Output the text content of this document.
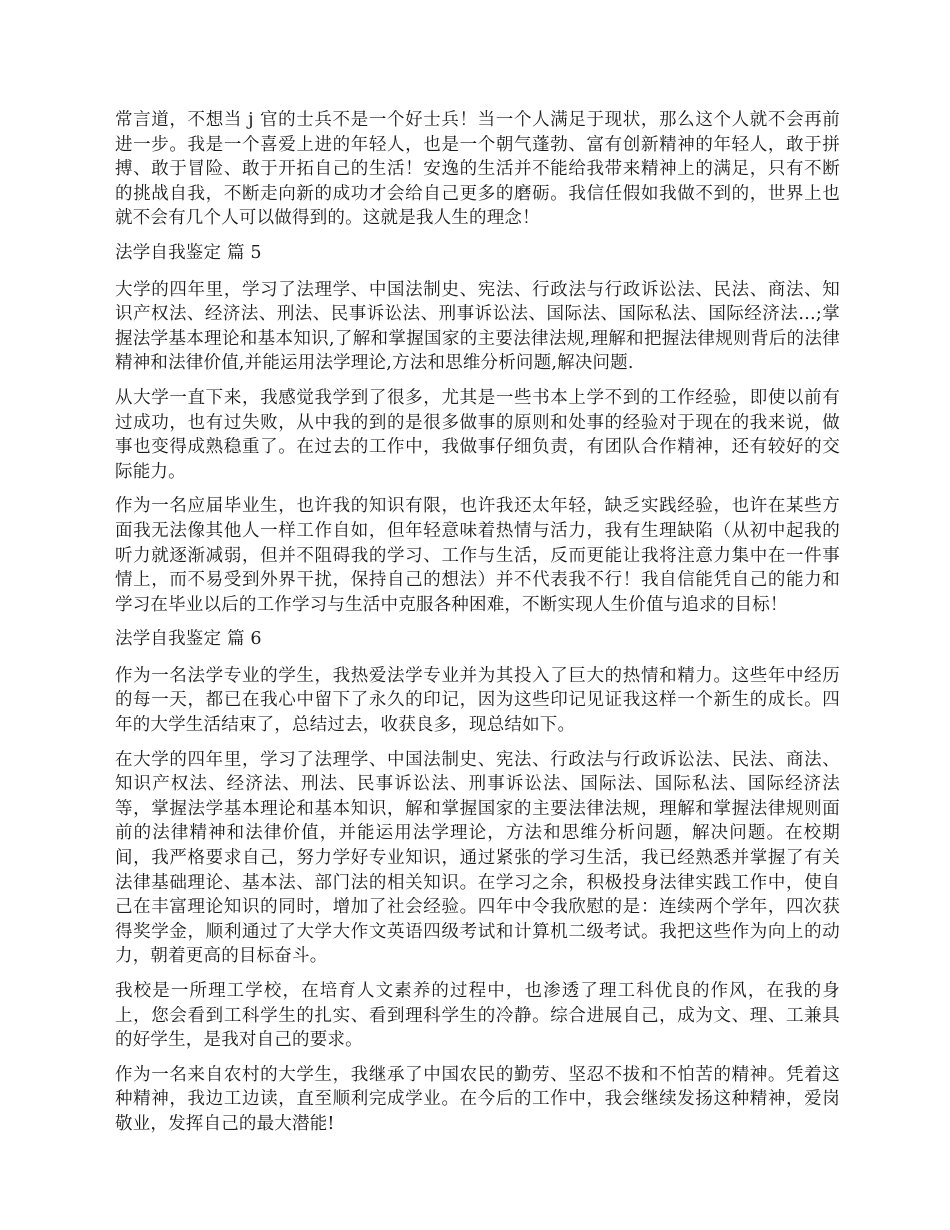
常言道，不想当 j 官的士兵不是一个好士兵！当一个人满足于现状，那么这个人就不会再前进一步。我是一个喜爱上进的年轻人，也是一个朝气蓬勃、富有创新精神的年轻人，敢于拼搏、敢于冒险、敢于开拓自己的生活！安逸的生活并不能给我带来精神上的满足，只有不断的挑战自我，不断走向新的成功才会给自己更多的磨砺。我信任假如我做不到的，世界上也就不会有几个人可以做得到的。这就是我人生的理念！

法学自我鉴定 篇 5

大学的四年里，学习了法理学、中国法制史、宪法、行政法与行政诉讼法、民法、商法、知识产权法、经济法、刑法、民事诉讼法、刑事诉讼法、国际法、国际私法、国际经济法…;掌握法学基本理论和基本知识,了解和掌握国家的主要法律法规,理解和把握法律规则背后的法律精神和法律价值,并能运用法学理论,方法和思维分析问题,解决问题.

从大学一直下来，我感觉我学到了很多，尤其是一些书本上学不到的工作经验，即使以前有过成功，也有过失败，从中我的到的是很多做事的原则和处事的经验对于现在的我来说，做事也变得成熟稳重了。在过去的工作中，我做事仔细负责，有团队合作精神，还有较好的交际能力。

作为一名应届毕业生，也许我的知识有限，也许我还太年轻，缺乏实践经验，也许在某些方面我无法像其他人一样工作自如，但年轻意味着热情与活力，我有生理缺陷（从初中起我的听力就逐渐减弱，但并不阻碍我的学习、工作与生活，反而更能让我将注意力集中在一件事情上，而不易受到外界干扰，保持自己的想法）并不代表我不行！我自信能凭自己的能力和学习在毕业以后的工作学习与生活中克服各种困难，不断实现人生价值与追求的目标！

法学自我鉴定 篇 6

作为一名法学专业的学生，我热爱法学专业并为其投入了巨大的热情和精力。这些年中经历的每一天，都已在我心中留下了永久的印记，因为这些印记见证我这样一个新生的成长。四年的大学生活结束了，总结过去，收获良多，现总结如下。

在大学的四年里，学习了法理学、中国法制史、宪法、行政法与行政诉讼法、民法、商法、知识产权法、经济法、刑法、民事诉讼法、刑事诉讼法、国际法、国际私法、国际经济法等，掌握法学基本理论和基本知识，解和掌握国家的主要法律法规，理解和掌握法律规则面前的法律精神和法律价值，并能运用法学理论，方法和思维分析问题，解决问题。在校期间，我严格要求自己，努力学好专业知识，通过紧张的学习生活，我已经熟悉并掌握了有关法律基础理论、基本法、部门法的相关知识。在学习之余，积极投身法律实践工作中，使自己在丰富理论知识的同时，增加了社会经验。四年中令我欣慰的是：连续两个学年，四次获得奖学金，顺利通过了大学大作文英语四级考试和计算机二级考试。我把这些作为向上的动力，朝着更高的目标奋斗。

我校是一所理工学校，在培育人文素养的过程中，也渗透了理工科优良的作风，在我的身上，您会看到工科学生的扎实、看到理科学生的冷静。综合进展自己，成为文、理、工兼具的好学生，是我对自己的要求。

作为一名来自农村的大学生，我继承了中国农民的勤劳、坚忍不拔和不怕苦的精神。凭着这种精神，我边工边读，直至顺利完成学业。在今后的工作中，我会继续发扬这种精神，爱岗敬业，发挥自己的最大潜能!
